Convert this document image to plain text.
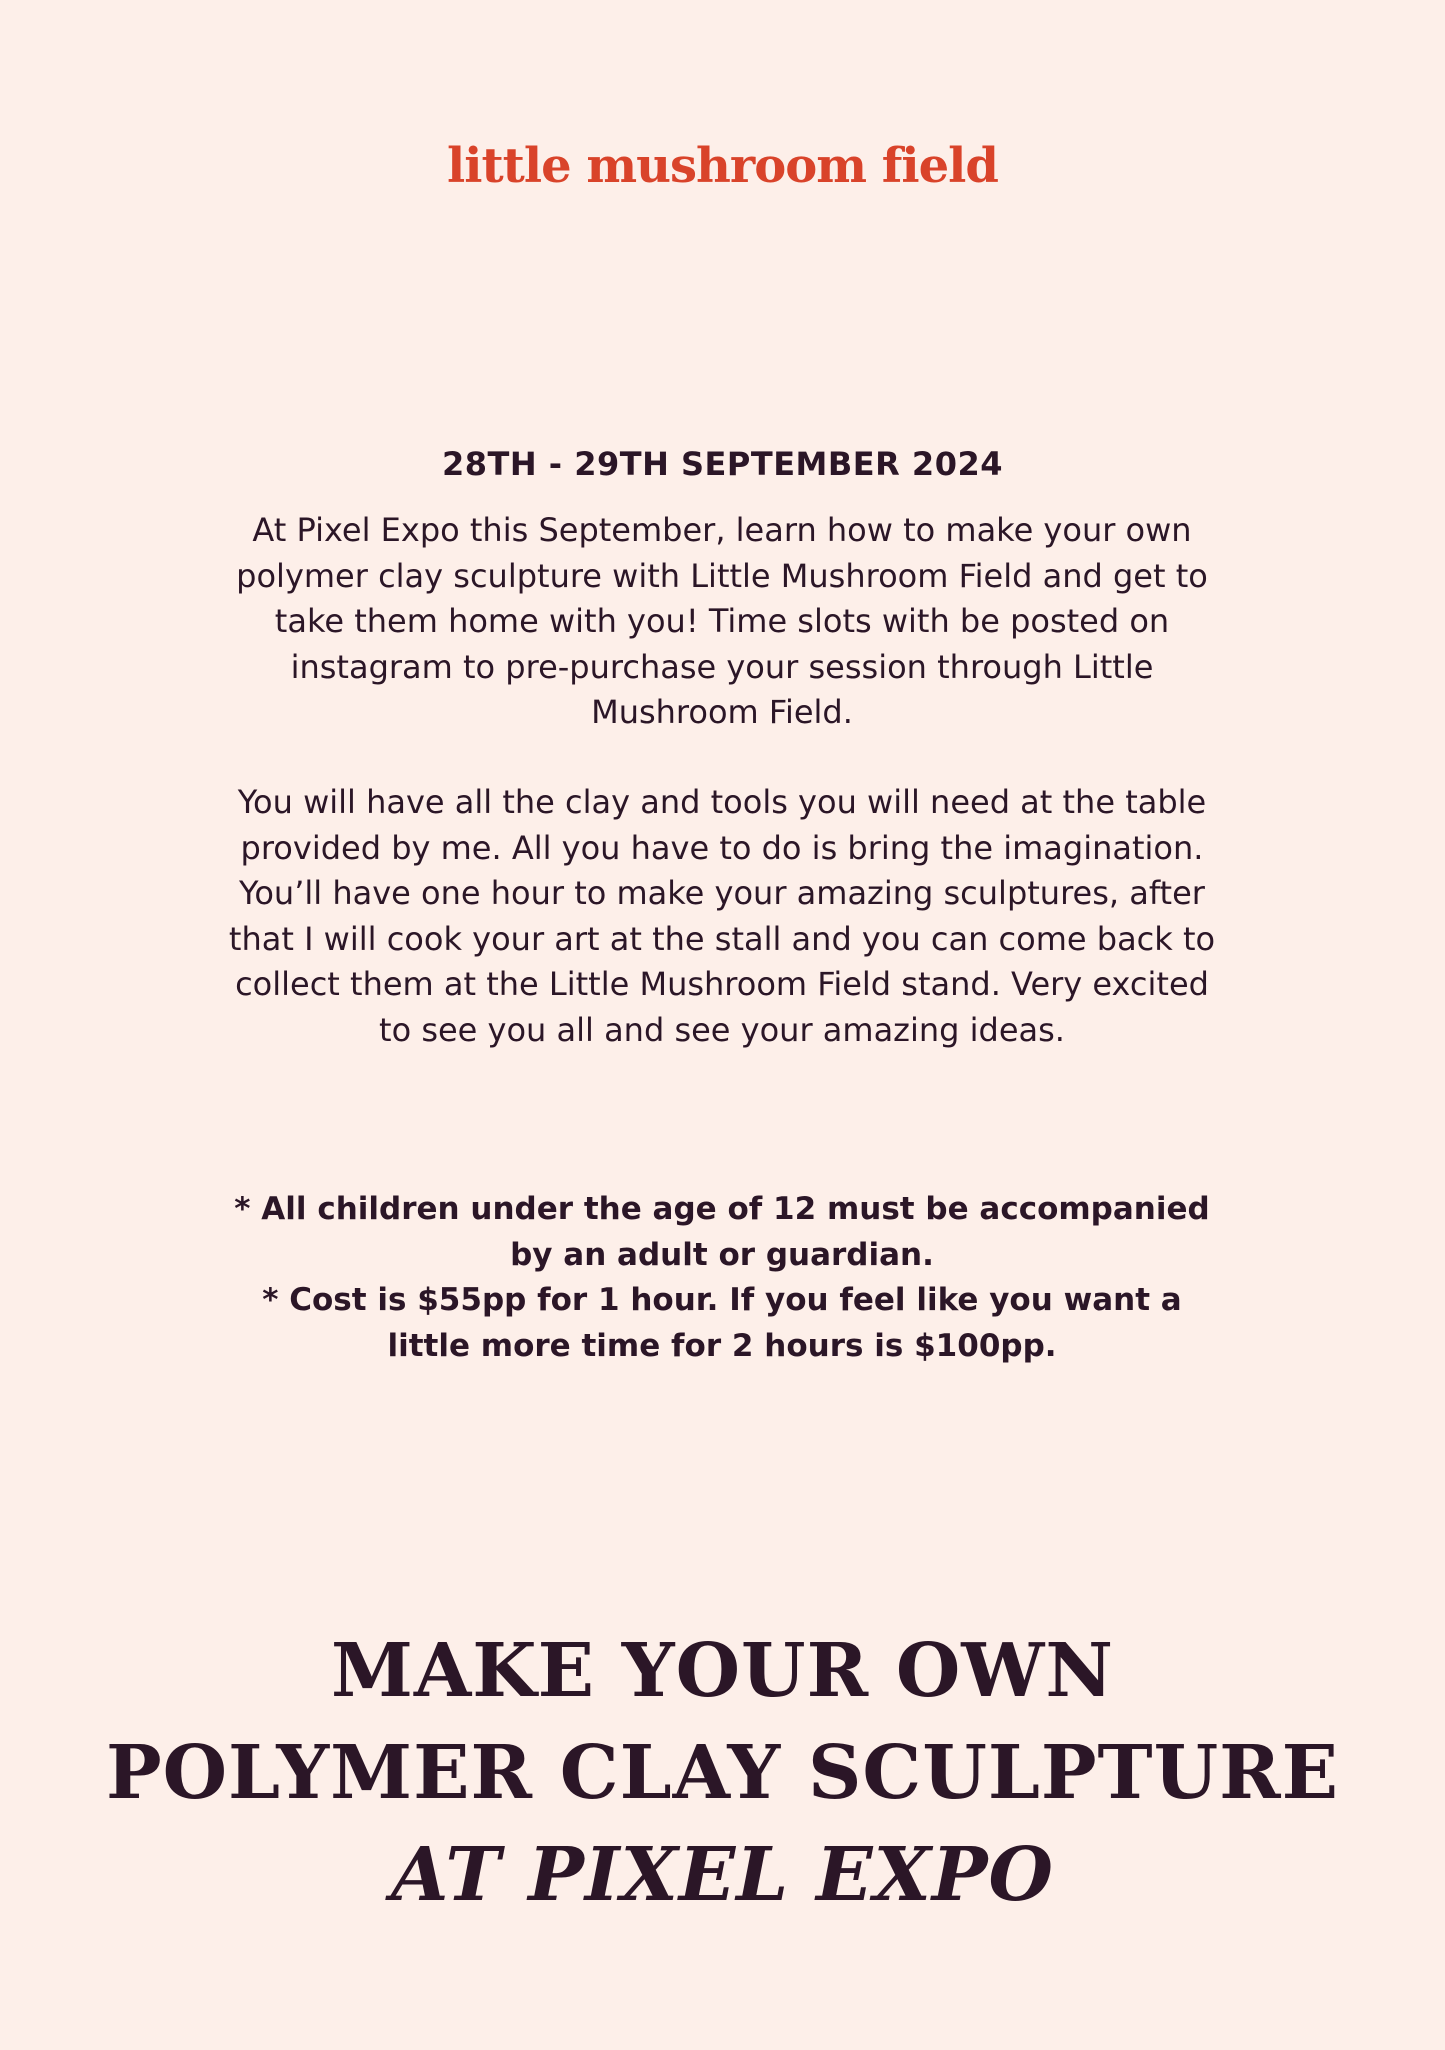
little mushroom field
28TH - 29TH SEPTEMBER 2024

At Pixel Expo this September, learn how to make your own polymer clay sculpture with Little Mushroom Field and get to take them home with you! Time slots with be posted on instagram to pre-purchase your session through Little Mushroom Field.

You will have all the clay and tools you will need at the table provided by me. All you have to do is bring the imagination. You’ll have one hour to make your amazing sculptures, after that I will cook your art at the stall and you can come back to collect them at the Little Mushroom Field stand. Very excited to see you all and see your amazing ideas.

* All children under the age of 12 must be accompanied by an adult or guardian.

* Cost is $55pp for 1 hour. If you feel like you want a little more time for 2 hours is $100pp.

MAKE YOUR OWN
POLYMER CLAY SCULPTURE
AT PIXEL EXPO
